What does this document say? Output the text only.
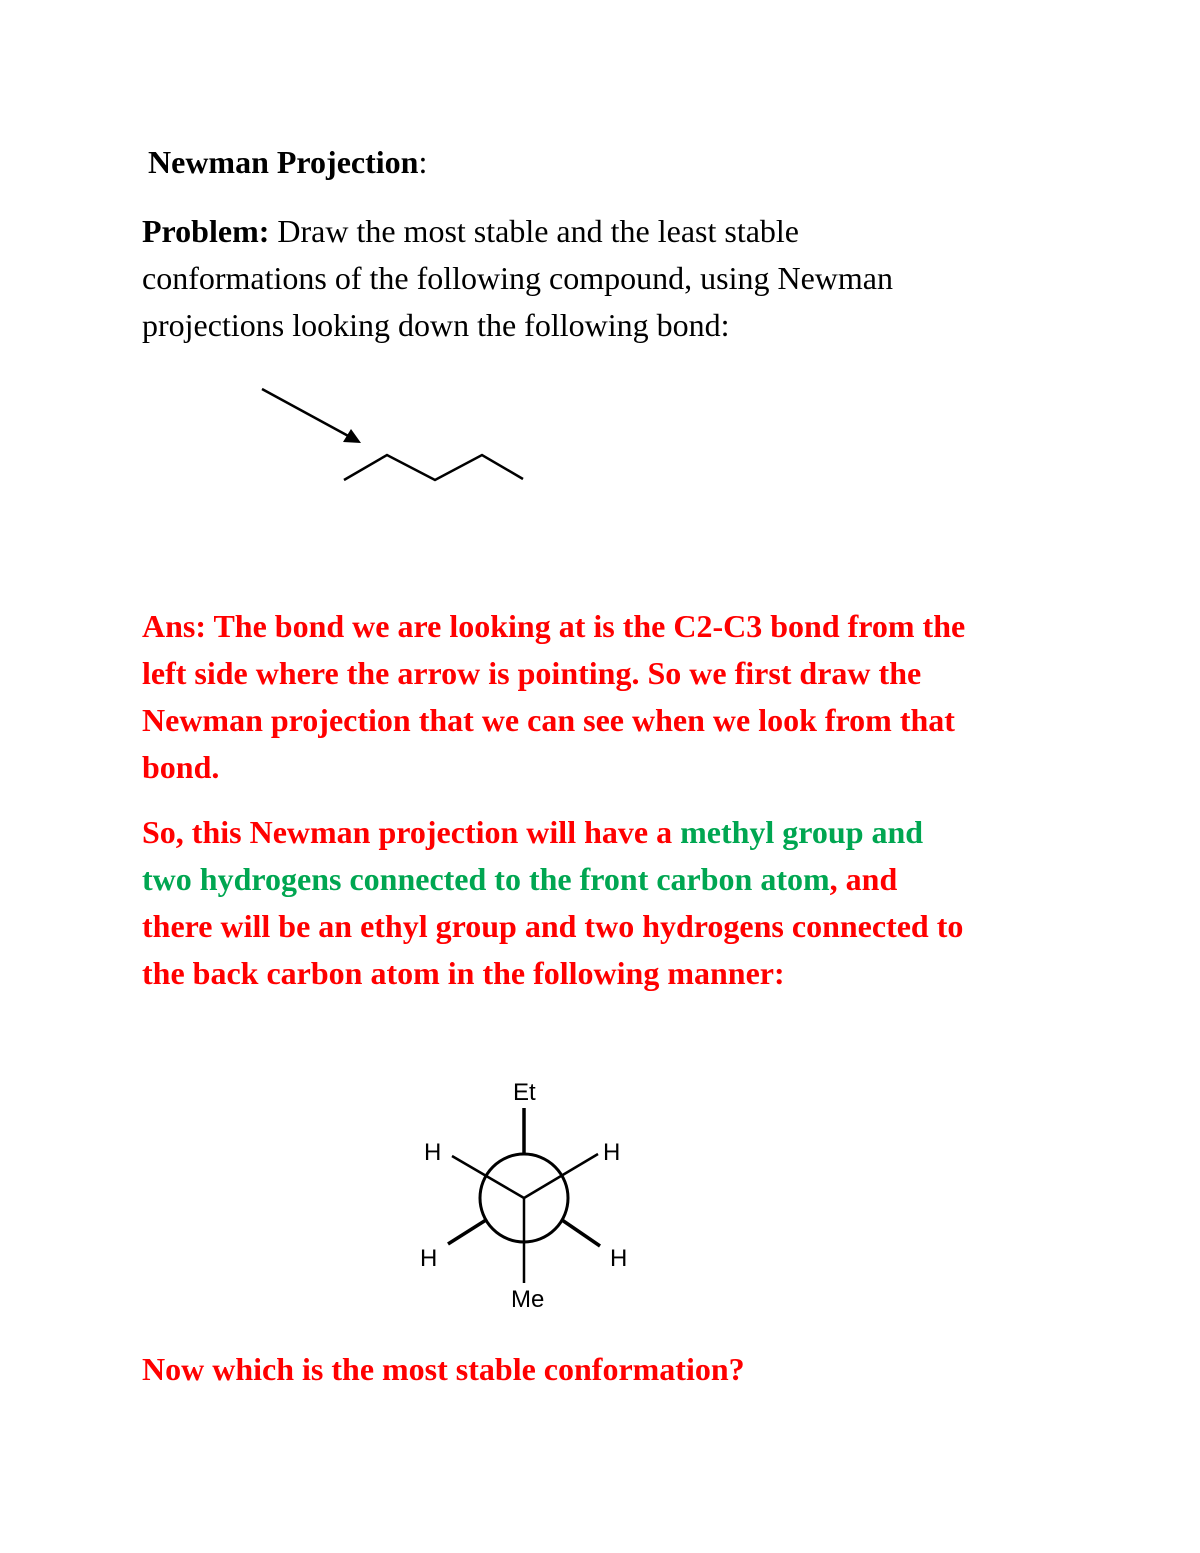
Newman Projection:
Problem: Draw the most stable and the least stable
conformations of the following compound, using Newman
projections looking down the following bond:
Ans: The bond we are looking at is the C2-C3 bond from the
left side where the arrow is pointing. So we first draw the
Newman projection that we can see when we look from that
bond.
So, this Newman projection will have a methyl group and
two hydrogens connected to the front carbon atom, and
there will be an ethyl group and two hydrogens connected to
the back carbon atom in the following manner:
Et
Me
H	H
H	H
Now which is the most stable conformation?
